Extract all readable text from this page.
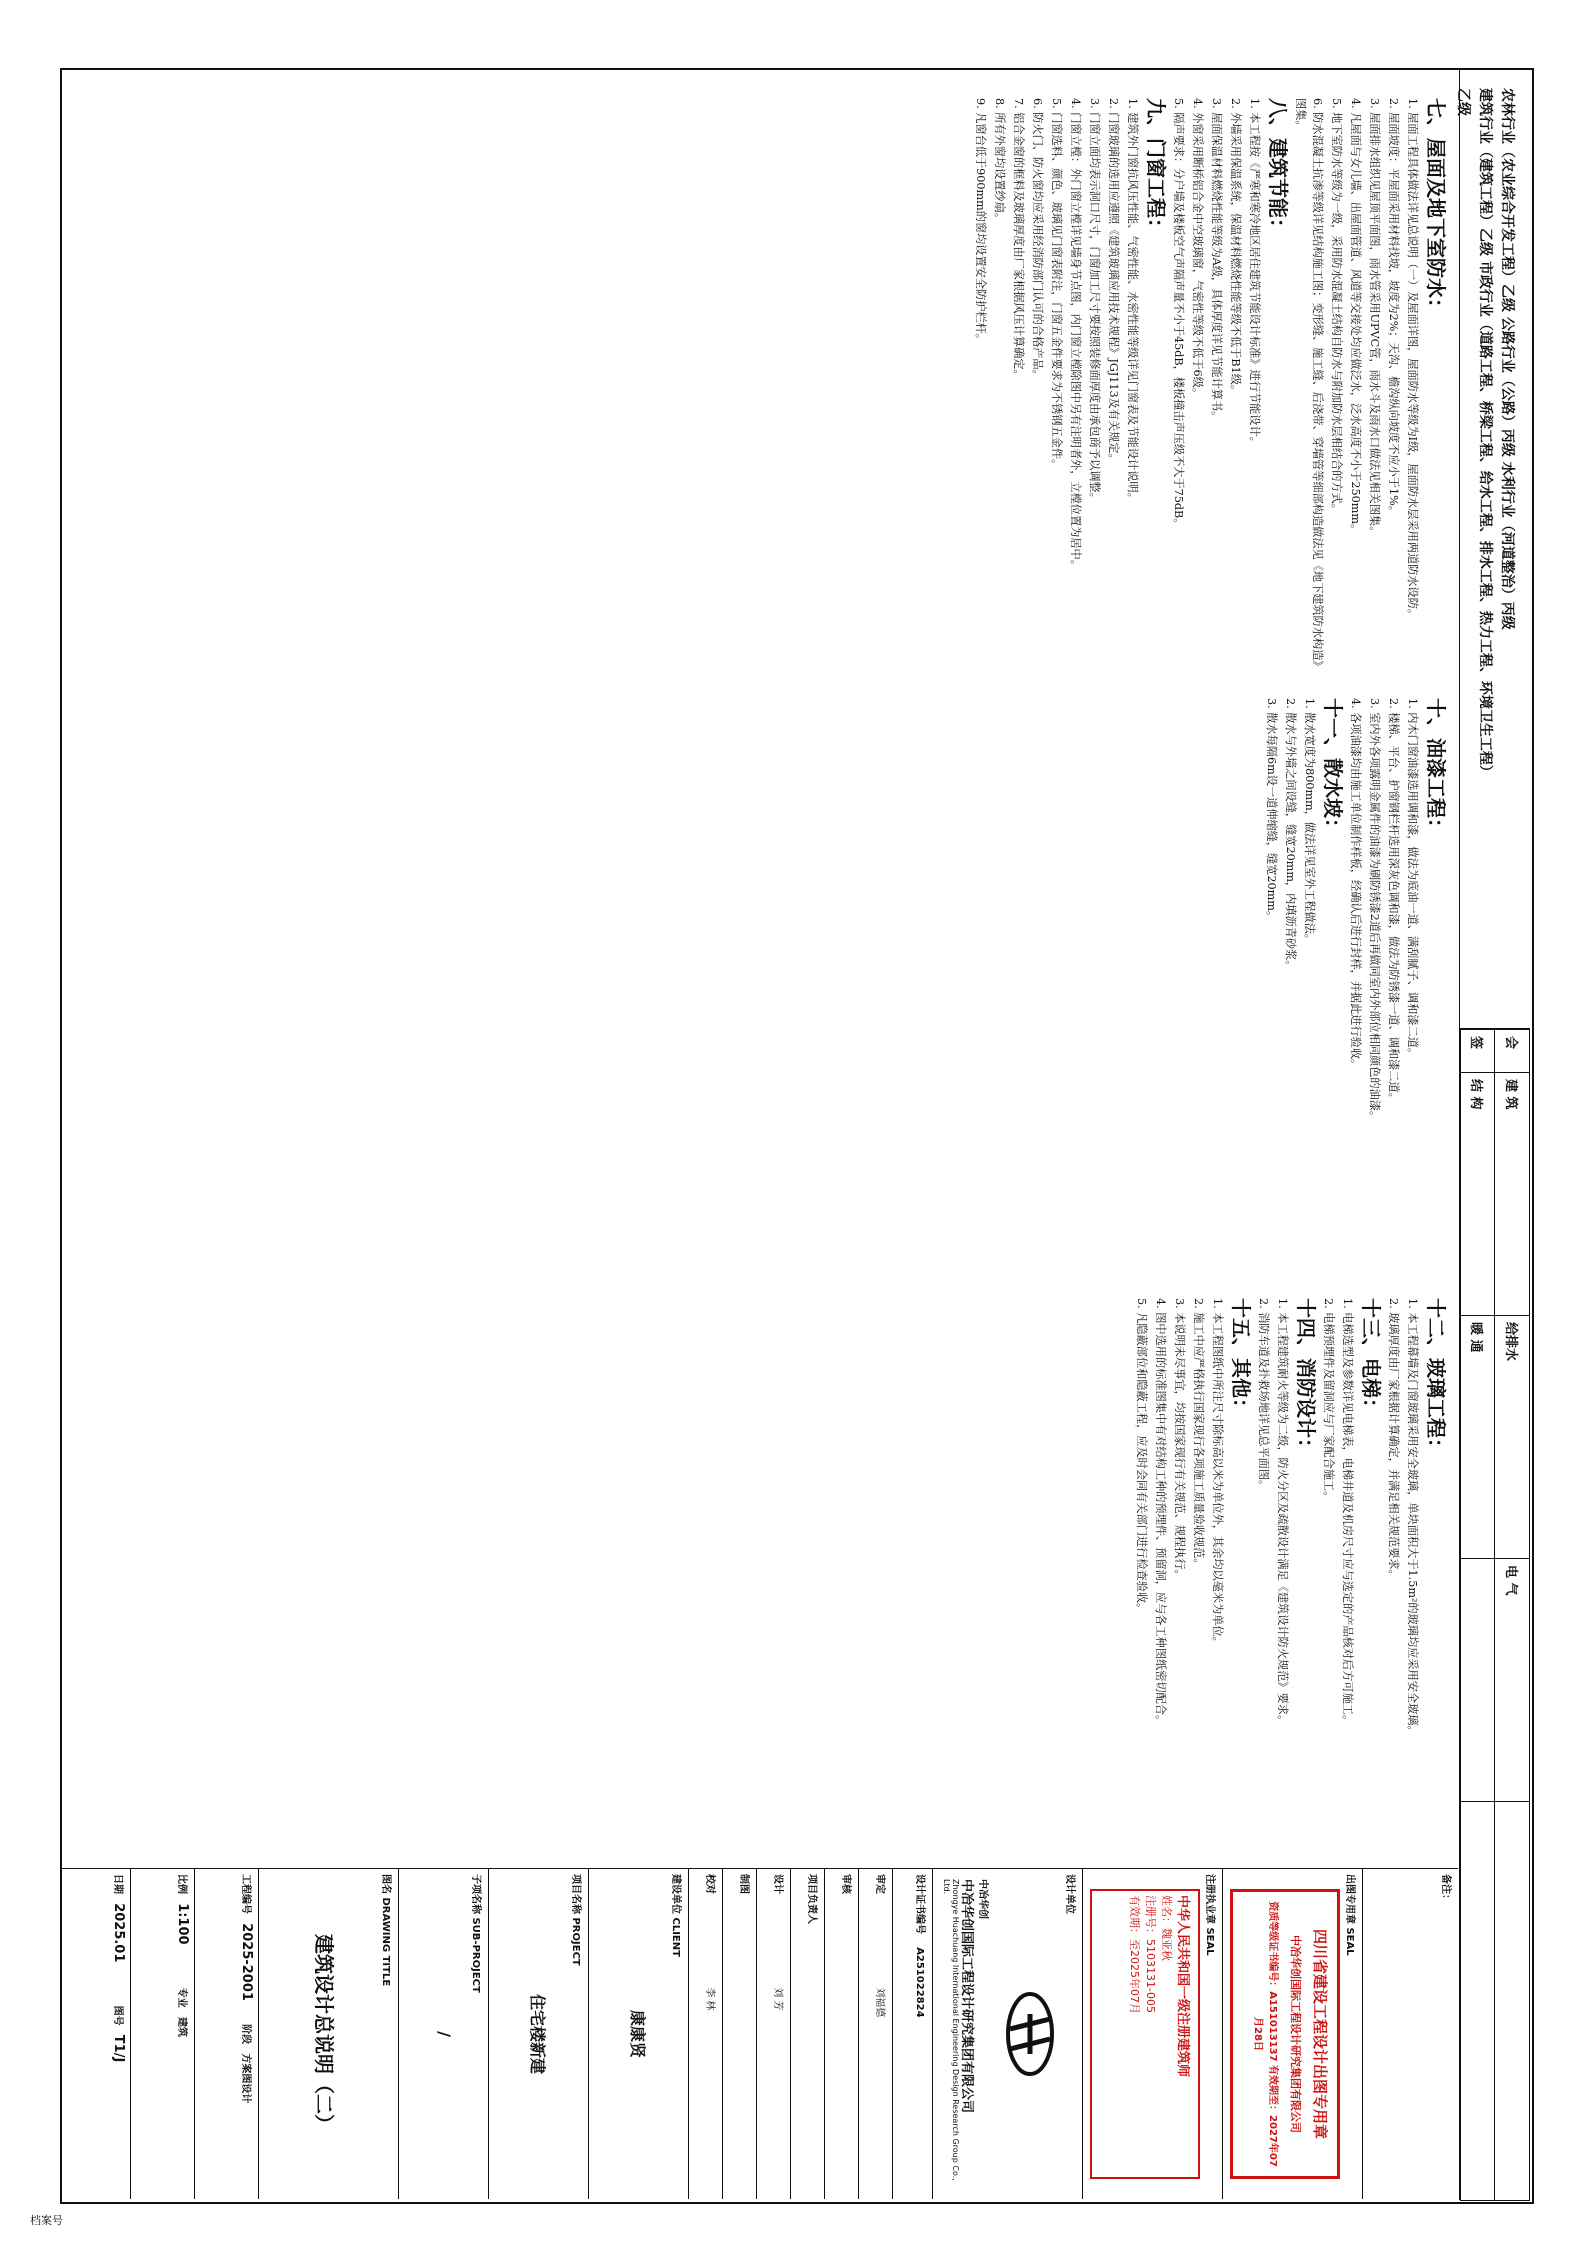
农林行业（农业综合开发工程）乙级 公路行业（公路）丙级 水利行业（河道整治）丙级
建筑行业（建筑工程）乙级 市政行业（道路工程、桥梁工程、给水工程、排水工程、热力工程、环境卫生工程）乙级
会	建 筑	给排水	电 气	
签	结 构	暖 通		
七、屋面及地下室防水：

1. 屋面工程具体做法详见总说明（一）及屋面详图，屋面防水等级为Ⅰ级，屋面防水层采用两道防水设防。

2. 屋面坡度：平屋面采用材料找坡，坡度为2%；天沟、檐沟纵向坡度不应小于1%。

3. 屋面排水组织见屋顶平面图，雨水管采用UPVC管，雨水斗及雨水口做法见相关图集。

4. 凡屋面与女儿墙、出屋面管道、风道等交接处均应做泛水，泛水高度不小于250mm。

5. 地下室防水等级为一级，采用防水混凝土结构自防水与附加防水层相结合的方式。

6. 防水混凝土抗渗等级详见结构施工图；变形缝、施工缝、后浇带、穿墙管等细部构造做法见《地下建筑防水构造》图集。

八、建筑节能：

1. 本工程按《严寒和寒冷地区居住建筑节能设计标准》进行节能设计。

2. 外墙采用保温系统，保温材料燃烧性能等级不低于B1级。

3. 屋面保温材料燃烧性能等级为A级，具体厚度详见节能计算书。

4. 外窗采用断桥铝合金中空玻璃窗，气密性等级不低于6级。

5. 隔声要求：分户墙及楼板空气声隔声量不小于45dB，楼板撞击声压级不大于75dB。

九、门窗工程：

1. 建筑外门窗抗风压性能、气密性能、水密性能等级详见门窗表及节能设计说明。

2. 门窗玻璃的选用应遵照《建筑玻璃应用技术规程》JGJ113及有关规定。

3. 门窗立面均表示洞口尺寸，门窗加工尺寸要按照装修面厚度由承包商予以调整。

4. 门窗立樘：外门窗立樘详见墙身节点图，内门窗立樘除图中另有注明者外，立樘位置为居中。

5. 门窗选料、颜色、玻璃见门窗表附注，门窗五金件要求为不锈钢五金件。

6. 防火门、防火窗均应采用经消防部门认可的合格产品。

7. 铝合金窗的框料及玻璃厚度由厂家根据风压计算确定。

8. 所有外窗均设置纱扇。

9. 凡窗台低于900mm的窗均设置安全防护栏杆。

十、油漆工程：

1. 内木门窗油漆选用调和漆，做法为底油一道、满刮腻子、调和漆二道。

2. 楼梯、平台、护窗钢栏杆选用深灰色调和漆，做法为防锈漆一道、调和漆二道。

3. 室内外各项露明金属件的油漆为刷防锈漆2道后再做同室内外部位相同颜色的油漆。

4. 各项油漆均由施工单位制作样板，经确认后进行封样，并据此进行验收。

十一、散水坡：

1. 散水宽度为800mm，做法详见室外工程做法。

2. 散水与外墙之间设缝，缝宽20mm，内填沥青砂浆。

3. 散水每隔6m设一道伸缩缝，缝宽20mm。

十二、玻璃工程：

1. 本工程幕墙及门窗玻璃采用安全玻璃，单块面积大于1.5m²的玻璃均应采用安全玻璃。

2. 玻璃厚度由厂家根据计算确定，并满足相关规范要求。

十三、电梯：

1. 电梯选型及参数详见电梯表，电梯井道及机房尺寸应与选定的产品核对后方可施工。

2. 电梯预埋件及留洞应与厂家配合施工。

十四、消防设计：

1. 本工程建筑耐火等级为二级，防火分区及疏散设计满足《建筑设计防火规范》要求。

2. 消防车道及扑救场地详见总平面图。

十五、其他：

1. 本工程图纸中所注尺寸除标高以米为单位外，其余均以毫米为单位。

2. 施工中应严格执行国家现行各项施工质量验收规范。

3. 本说明未尽事宜，均按国家现行有关规范、规程执行。

4. 图中选用的标准图集中有对结构工种的预埋件、预留洞，应与各工种图纸密切配合。

5. 凡隐蔽部位和隐蔽工程，应及时会同有关部门进行检查验收。

备注：
出图专用章 SEAL
四川省建设工程设计出图专用章
中冶华创国际工程设计研究集团有限公司
资质等级证书编号：A151013137 有效期至：2027年07月28日
注册执业章 SEAL
中华人民共和国一级注册建筑师
姓名：魏亚秋
注册号：5103131-005
有效期：至2025年07月
设计单位
中冶华创
中冶华创国际工程设计研究集团有限公司
Zhongye Huachuang International Engineering Design Research Group Co., Ltd.
设计证书编号 A251022824
审定 刘福德
审核
项目负责人
设计 刘 芳
制图
校对 李 林
建设单位 CLIENT
康康贤
项目名称 PROJECT
住宅楼新建
子项名称 SUB-PROJECT
/
图名 DRAWING TITLE
建筑设计总说明（二）
工程编号 2025-2001 阶段 方案图设计
比例 1:100 专业 建筑
日期 2025.01 图号 T1/J
档案号
